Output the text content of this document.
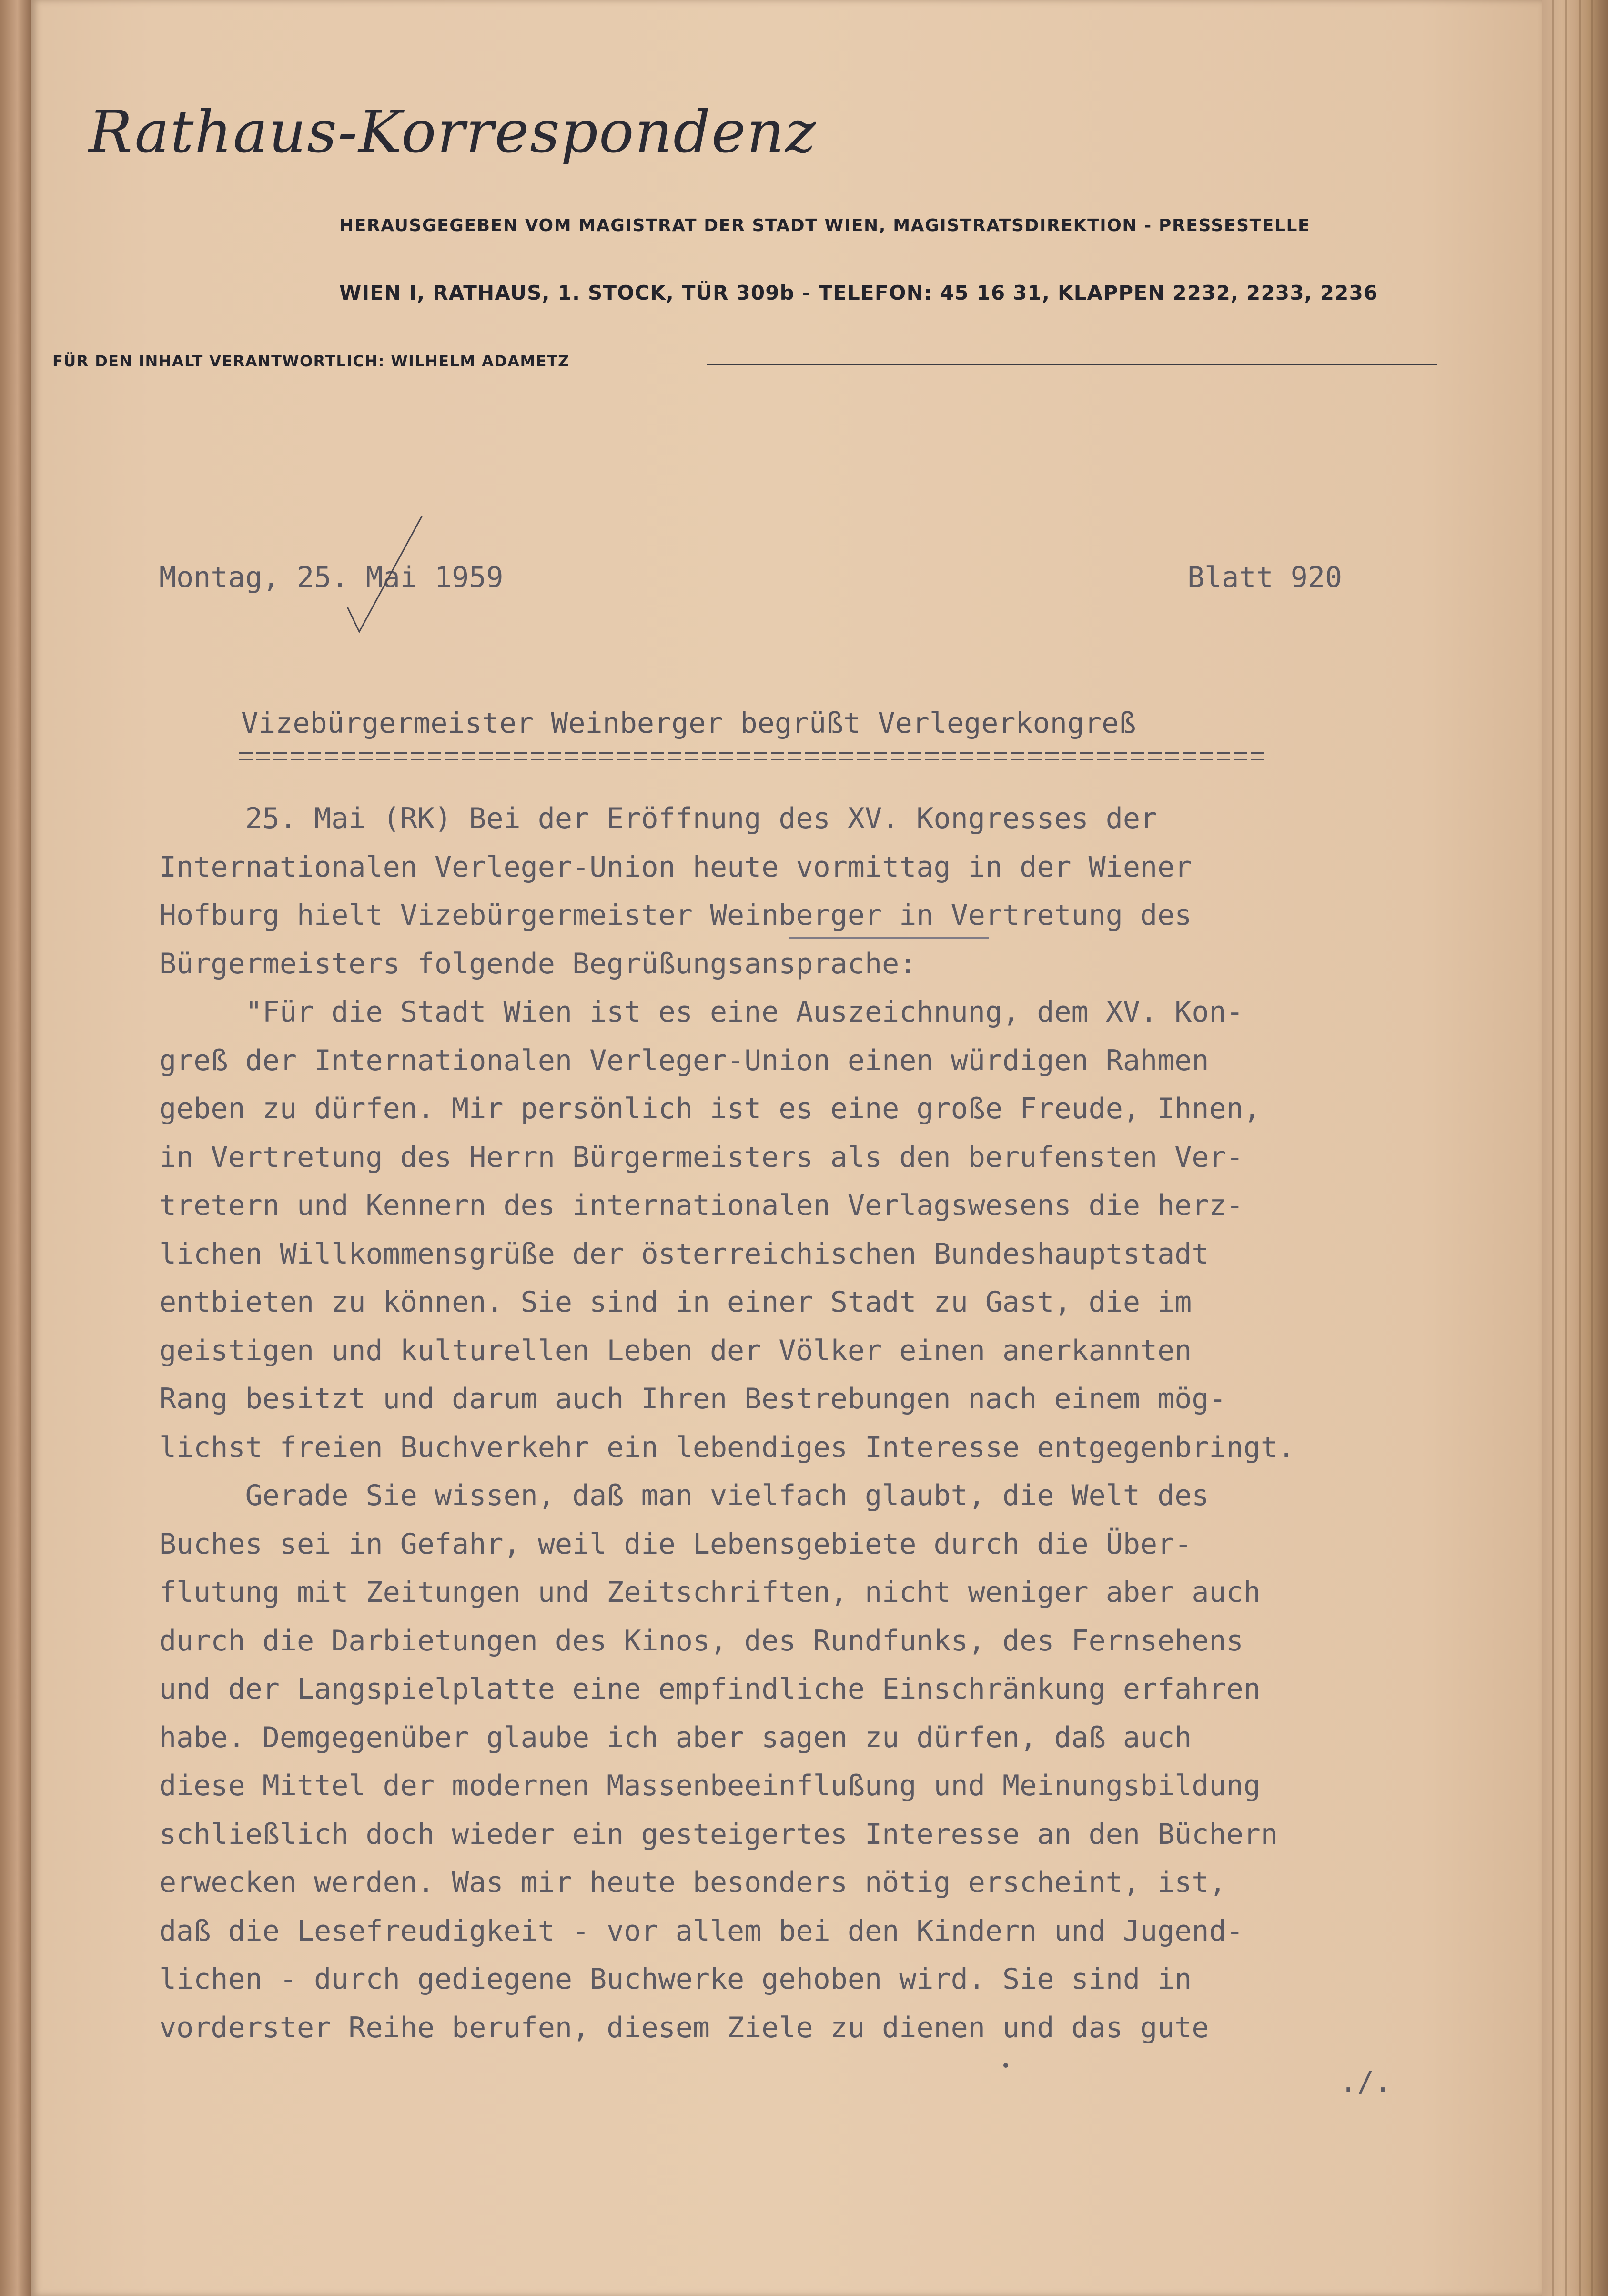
Rathaus-Korrespondenz
HERAUSGEGEBEN VOM MAGISTRAT DER STADT WIEN, MAGISTRATSDIREKTION - PRESSESTELLE
WIEN I, RATHAUS, 1. STOCK, TÜR 309b - TELEFON: 45 16 31, KLAPPEN 2232, 2233, 2236
FÜR DEN INHALT VERANTWORTLICH: WILHELM ADAMETZ
Montag, 25. Mai 1959	Blatt 920
Vizebürgermeister Weinberger begrüßt Verlegerkongreß
25. Mai (RK) Bei der Eröffnung des XV. Kongresses der
Internationalen Verleger-Union heute vormittag in der Wiener
Hofburg hielt Vizebürgermeister Weinberger in Vertretung des
Bürgermeisters folgende Begrüßungsansprache:
"Für die Stadt Wien ist es eine Auszeichnung, dem XV. Kon-
greß der Internationalen Verleger-Union einen würdigen Rahmen
geben zu dürfen. Mir persönlich ist es eine große Freude, Ihnen,
in Vertretung des Herrn Bürgermeisters als den berufensten Ver-
tretern und Kennern des internationalen Verlagswesens die herz-
lichen Willkommensgrüße der österreichischen Bundeshauptstadt
entbieten zu können. Sie sind in einer Stadt zu Gast, die im
geistigen und kulturellen Leben der Völker einen anerkannten
Rang besitzt und darum auch Ihren Bestrebungen nach einem mög-
lichst freien Buchverkehr ein lebendiges Interesse entgegenbringt.
Gerade Sie wissen, daß man vielfach glaubt, die Welt des
Buches sei in Gefahr, weil die Lebensgebiete durch die Über-
flutung mit Zeitungen und Zeitschriften, nicht weniger aber auch
durch die Darbietungen des Kinos, des Rundfunks, des Fernsehens
und der Langspielplatte eine empfindliche Einschränkung erfahren
habe. Demgegenüber glaube ich aber sagen zu dürfen, daß auch
diese Mittel der modernen Massenbeeinflußung und Meinungsbildung
schließlich doch wieder ein gesteigertes Interesse an den Büchern
erwecken werden. Was mir heute besonders nötig erscheint, ist,
daß die Lesefreudigkeit - vor allem bei den Kindern und Jugend-
lichen - durch gediegene Buchwerke gehoben wird. Sie sind in
vorderster Reihe berufen, diesem Ziele zu dienen und das gute
./.
